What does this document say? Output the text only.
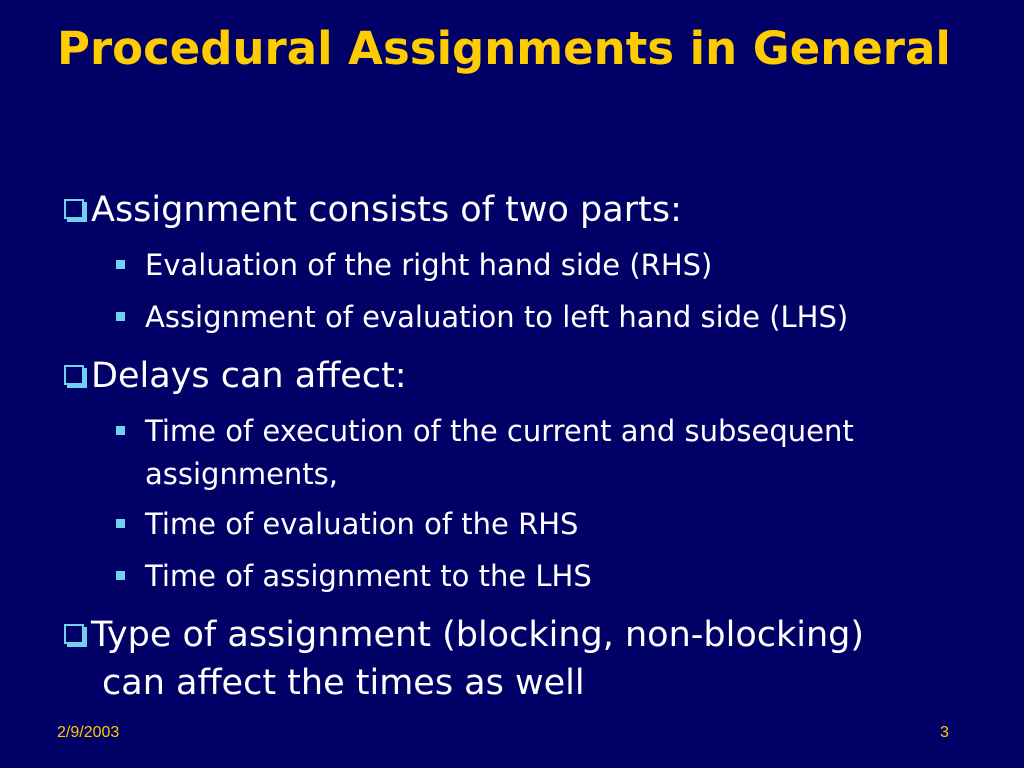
Procedural Assignments in General
Assignment consists of two parts:
Evaluation of the right hand side (RHS)
Assignment of evaluation to left hand side (LHS)
Delays can affect:
Time of execution of the current and subsequent
assignments,
Time of evaluation of the RHS
Time of assignment to the LHS
Type of assignment (blocking, non-blocking)
can affect the times as well
2/9/2003	3
